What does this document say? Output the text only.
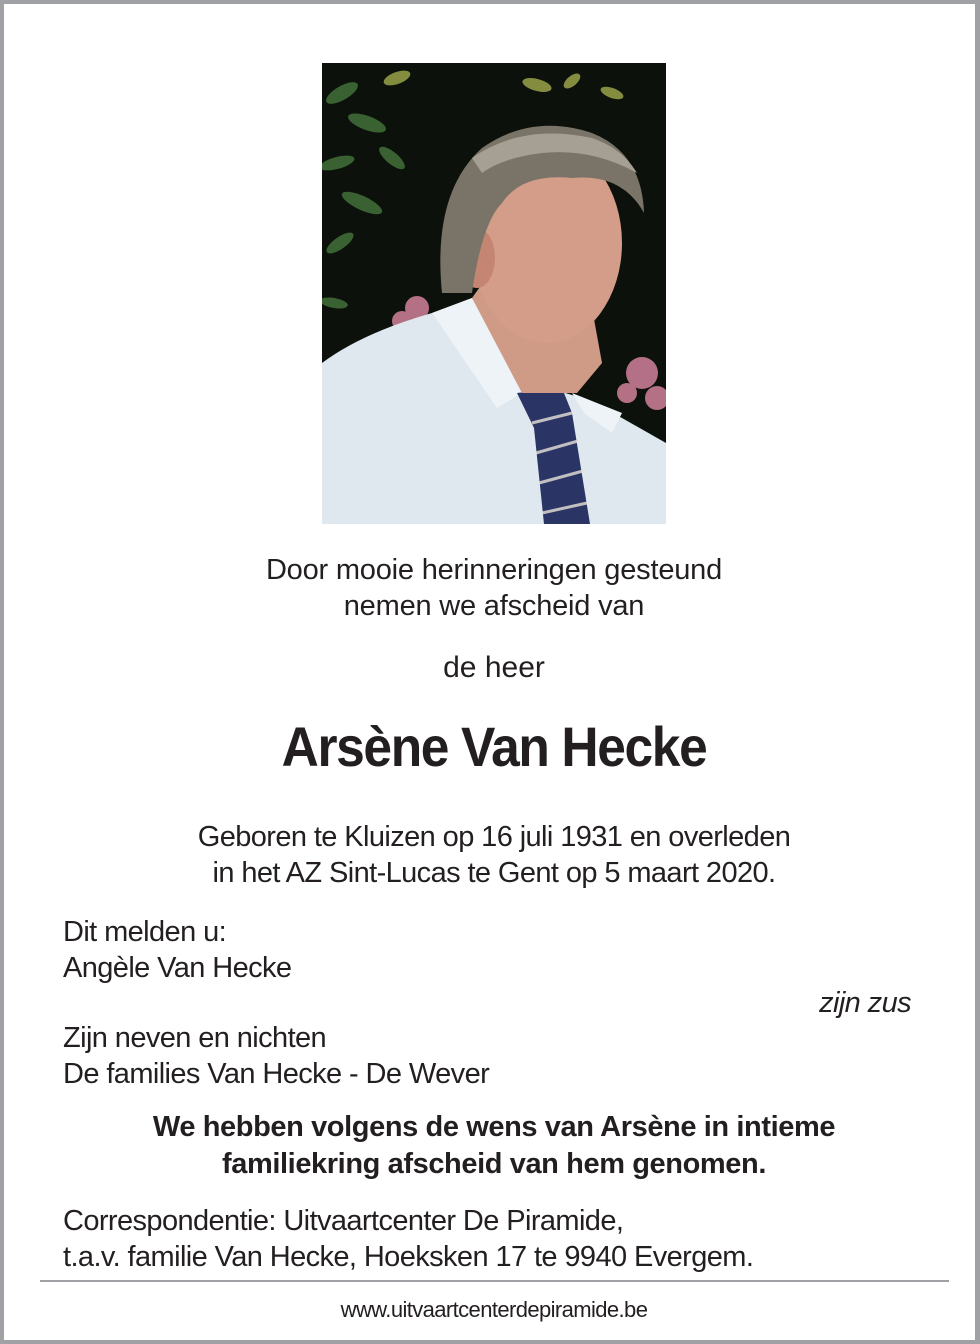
Door mooie herinneringen gesteund
nemen we afscheid van
de heer
Arsène Van Hecke
Geboren te Kluizen op 16 juli 1931 en overleden
in het AZ Sint-Lucas te Gent op 5 maart 2020.
Dit melden u:
Angèle Van Hecke
zijn zus
Zijn neven en nichten
De families Van Hecke - De Wever
We hebben volgens de wens van Arsène in intieme
familiekring afscheid van hem genomen.
Correspondentie: Uitvaartcenter De Piramide,
t.a.v. familie Van Hecke, Hoeksken 17 te 9940 Evergem.
www.uitvaartcenterdepiramide.be
